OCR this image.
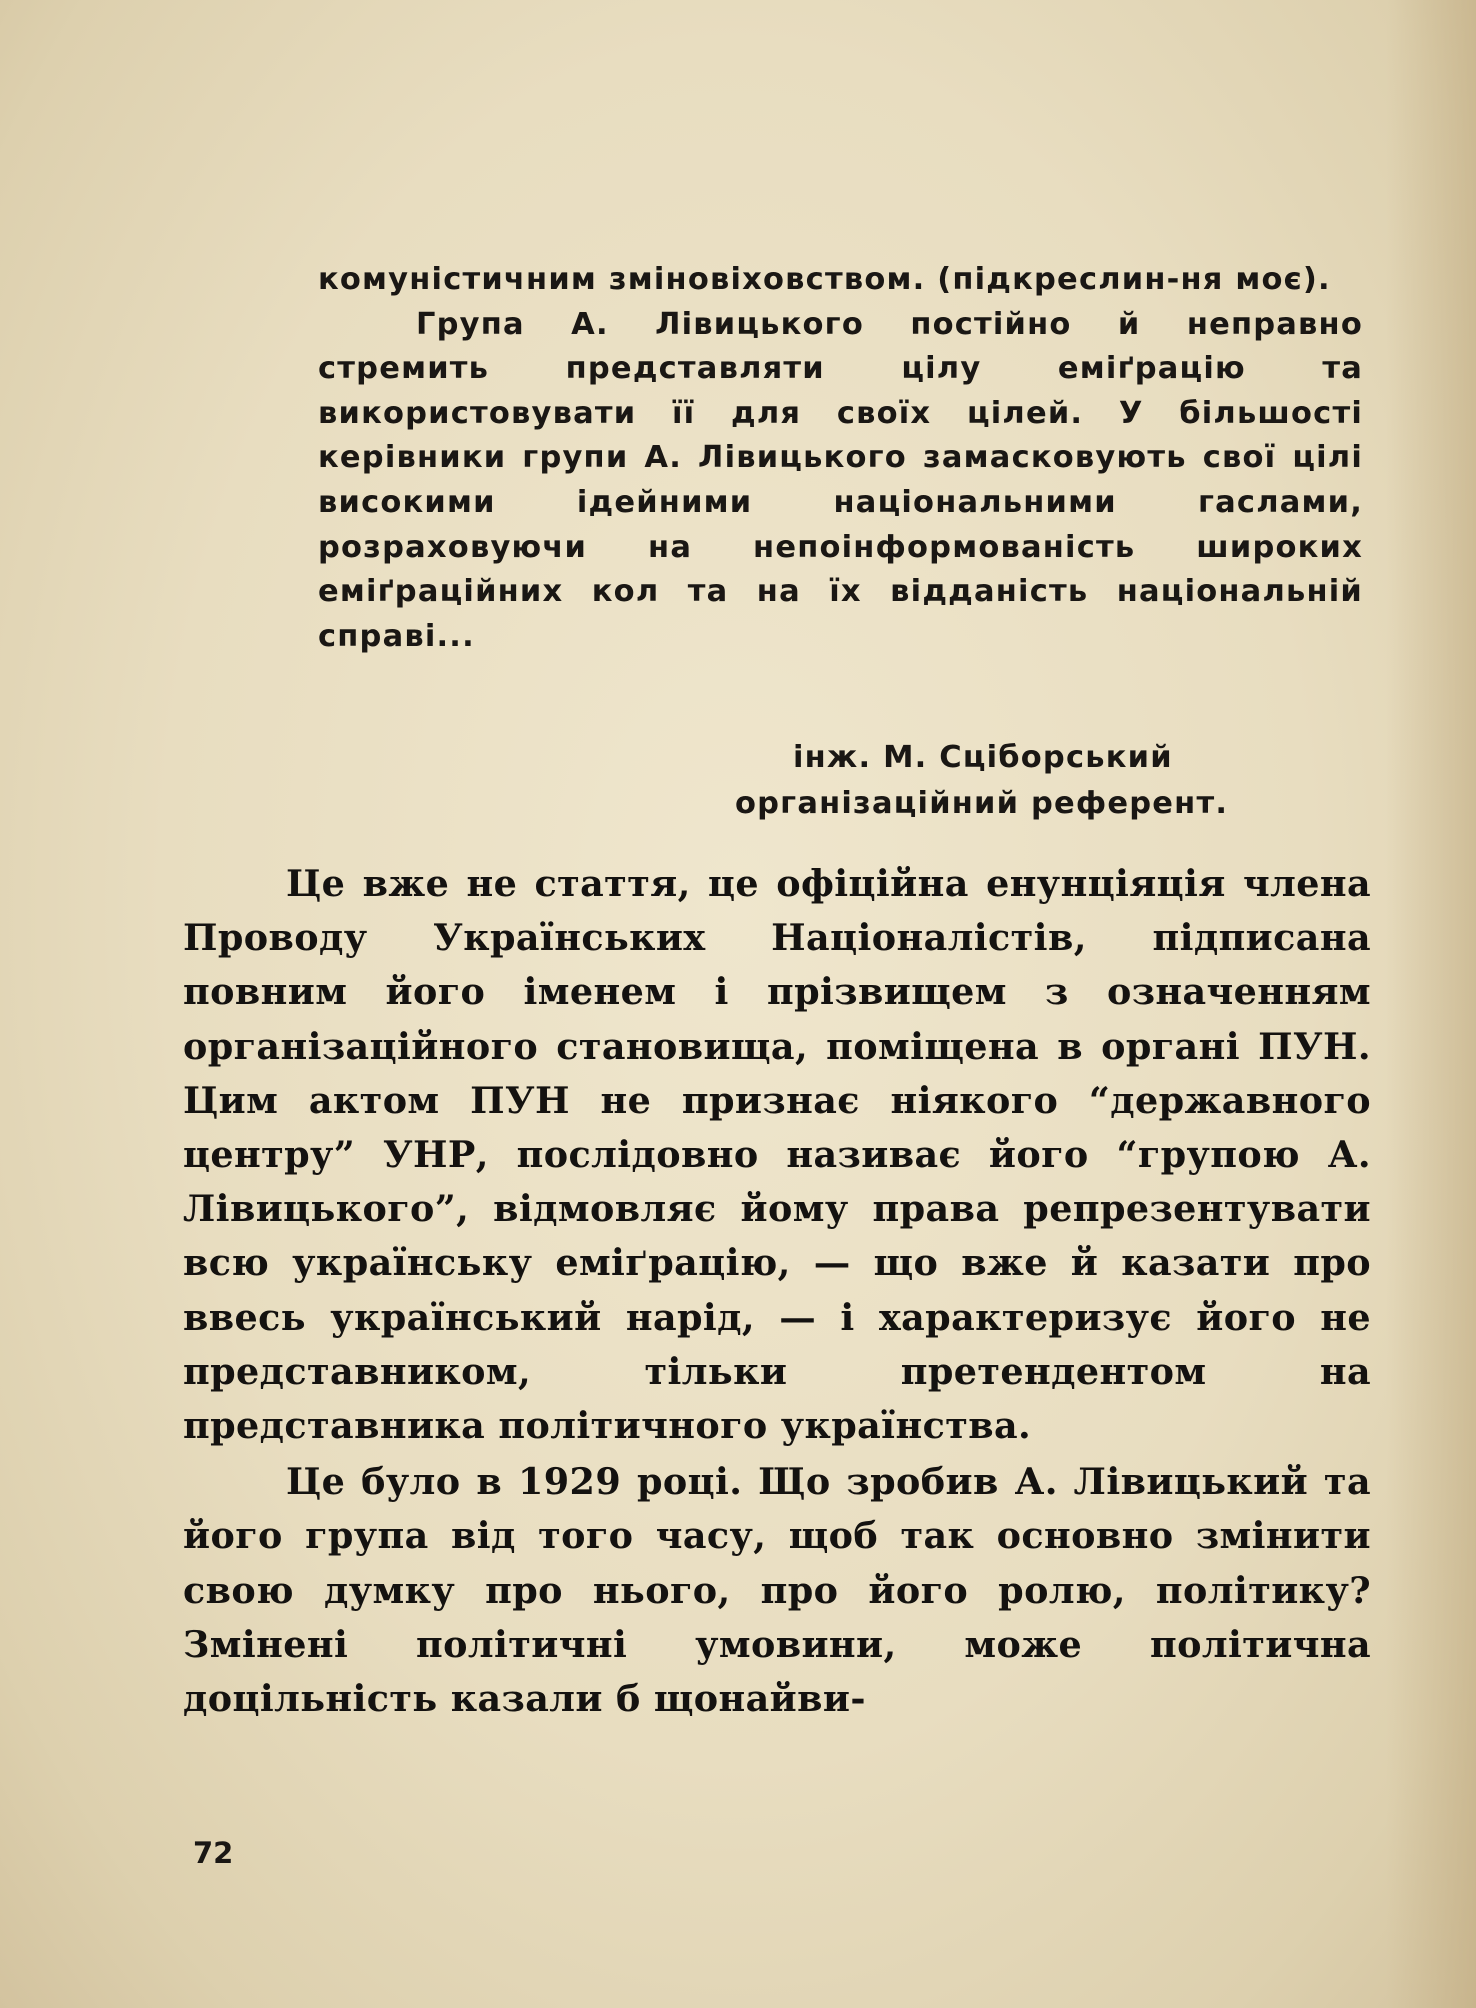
комуністичним зміновіховством. (підкреслин-ня моє).

Група А. Лівицького постійно й неправно стремить представляти цілу еміґрацію та використовувати її для своїх цілей. У більшості керівники групи А. Лівицького замасковують свої цілі високими ідейними національними гаслами, розраховуючи на непоінформованість широких еміґраційних кол та на їх відданість національній справі...

інж. М. Сціборський
організаційний референт.

Це вже не стаття, це офіційна енунціяція члена Проводу Українських Націоналістів, підписана повним його іменем і прізвищем з означенням організаційного становища, поміщена в органі ПУН. Цим актом ПУН не признає ніякого “державного центру” УНР, послідовно називає його “групою А. Лівицького”, відмовляє йому права репрезентувати всю українську еміґрацію, — що вже й казати про ввесь український нарід, — і характеризує його не представником, тільки претендентом на представника політичного українства.

Це було в 1929 році. Що зробив А. Лівицький та його група від того часу, щоб так основно змінити свою думку про нього, про його ролю, політику? Змінені політичні умовини, може політична доцільність казали б щонайви-

72
